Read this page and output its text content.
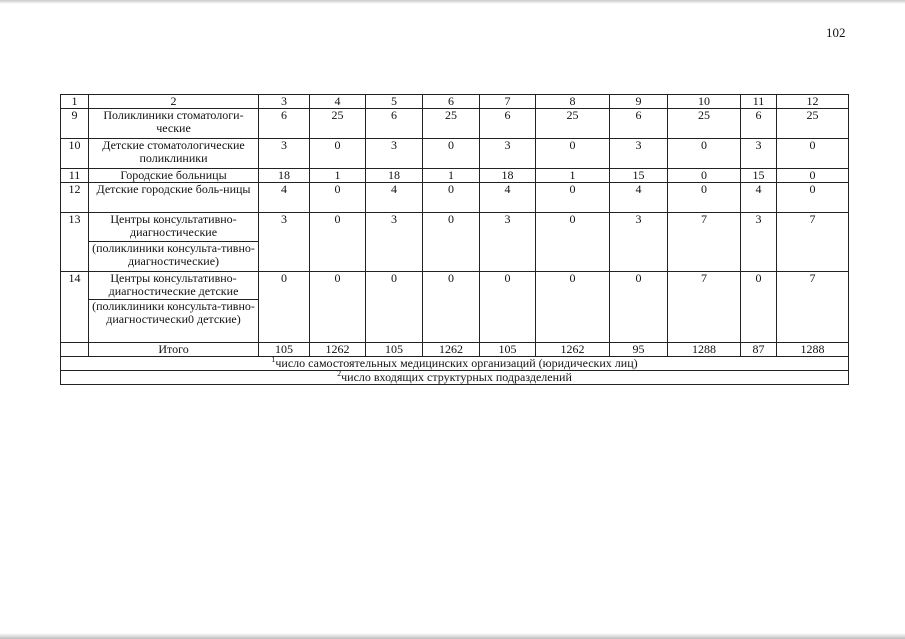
102
1	2	3	4	5	6	7	8	9	10	11	12
9	Поликлиники стоматологи-ческие	6	25	6	25	6	25	6	25	6	25
10	Детские стоматологические поликлиники	3	0	3	0	3	0	3	0	3	0
11	Городские больницы	18	1	18	1	18	1	15	0	15	0
12	Детские городские боль-ницы	4	0	4	0	4	0	4	0	4	0
13	Центры консультативно-диагностические	3	0	3	0	3	0	3	7	3	7
	(поликлиники консульта-тивно-диагностические)										
14	Центры консультативно-диагностические детские	0	0	0	0	0	0	0	7	0	7
	(поликлиники консульта-тивно-диагностически0 детские)										
	Итого	105	1262	105	1262	105	1262	95	1288	87	1288
$^1$число самостоятельных медицинских организаций (юридических лиц)											
$^2$число входящих структурных подразделений											
